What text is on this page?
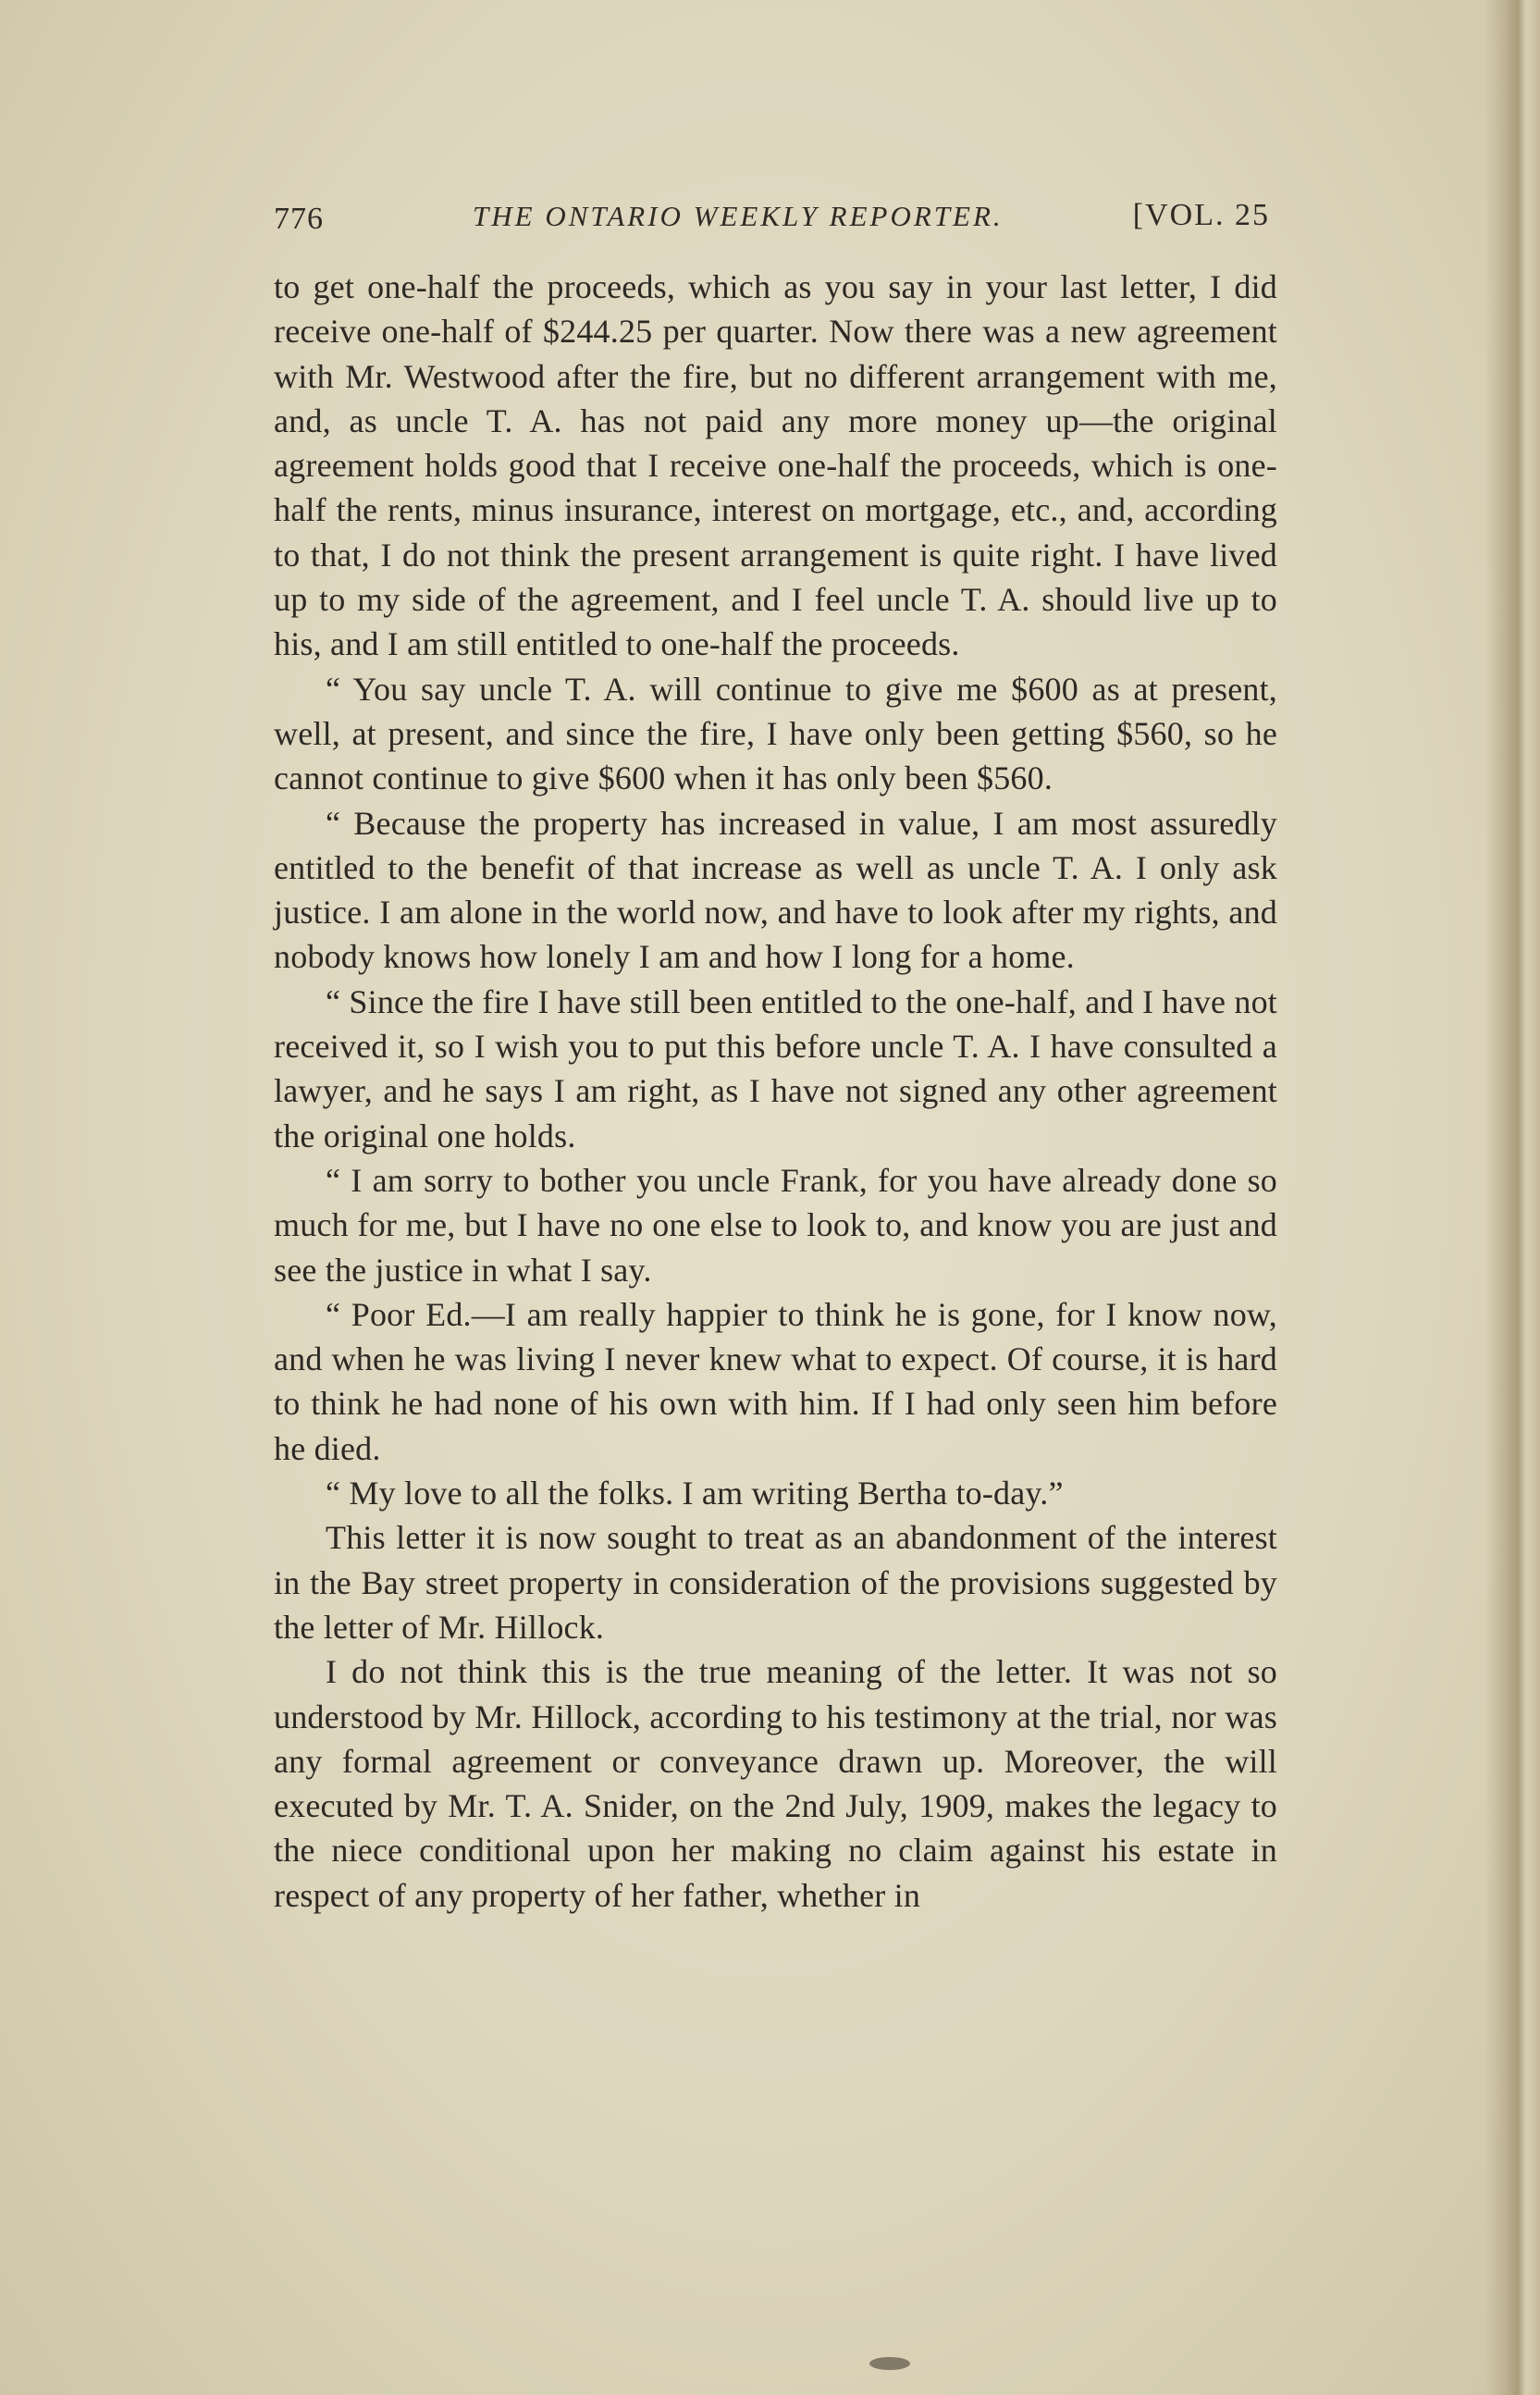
776	THE ONTARIO WEEKLY REPORTER.	[VOL. 25

to get one-half the proceeds, which as you say in your last letter, I did receive one-half of $244.25 per quarter. Now there was a new agreement with Mr. Westwood after the fire, but no different arrangement with me, and, as uncle T. A. has not paid any more money up—the original agreement holds good that I receive one-half the proceeds, which is one-half the rents, minus insurance, interest on mortgage, etc., and, according to that, I do not think the present arrangement is quite right. I have lived up to my side of the agreement, and I feel uncle T. A. should live up to his, and I am still entitled to one-half the proceeds.

“ You say uncle T. A. will continue to give me $600 as at present, well, at present, and since the fire, I have only been getting $560, so he cannot continue to give $600 when it has only been $560.

“ Because the property has increased in value, I am most assuredly entitled to the benefit of that increase as well as uncle T. A. I only ask justice. I am alone in the world now, and have to look after my rights, and nobody knows how lonely I am and how I long for a home.

“ Since the fire I have still been entitled to the one-half, and I have not received it, so I wish you to put this before uncle T. A. I have consulted a lawyer, and he says I am right, as I have not signed any other agreement the original one holds.

“ I am sorry to bother you uncle Frank, for you have already done so much for me, but I have no one else to look to, and know you are just and see the justice in what I say.

“ Poor Ed.—I am really happier to think he is gone, for I know now, and when he was living I never knew what to expect. Of course, it is hard to think he had none of his own with him. If I had only seen him before he died.

“ My love to all the folks. I am writing Bertha to-day.”

This letter it is now sought to treat as an abandonment of the interest in the Bay street property in consideration of the provisions suggested by the letter of Mr. Hillock.

I do not think this is the true meaning of the letter. It was not so understood by Mr. Hillock, according to his testimony at the trial, nor was any formal agreement or conveyance drawn up. Moreover, the will executed by Mr. T. A. Snider, on the 2nd July, 1909, makes the legacy to the niece conditional upon her making no claim against his estate in respect of any property of her father, whether in
